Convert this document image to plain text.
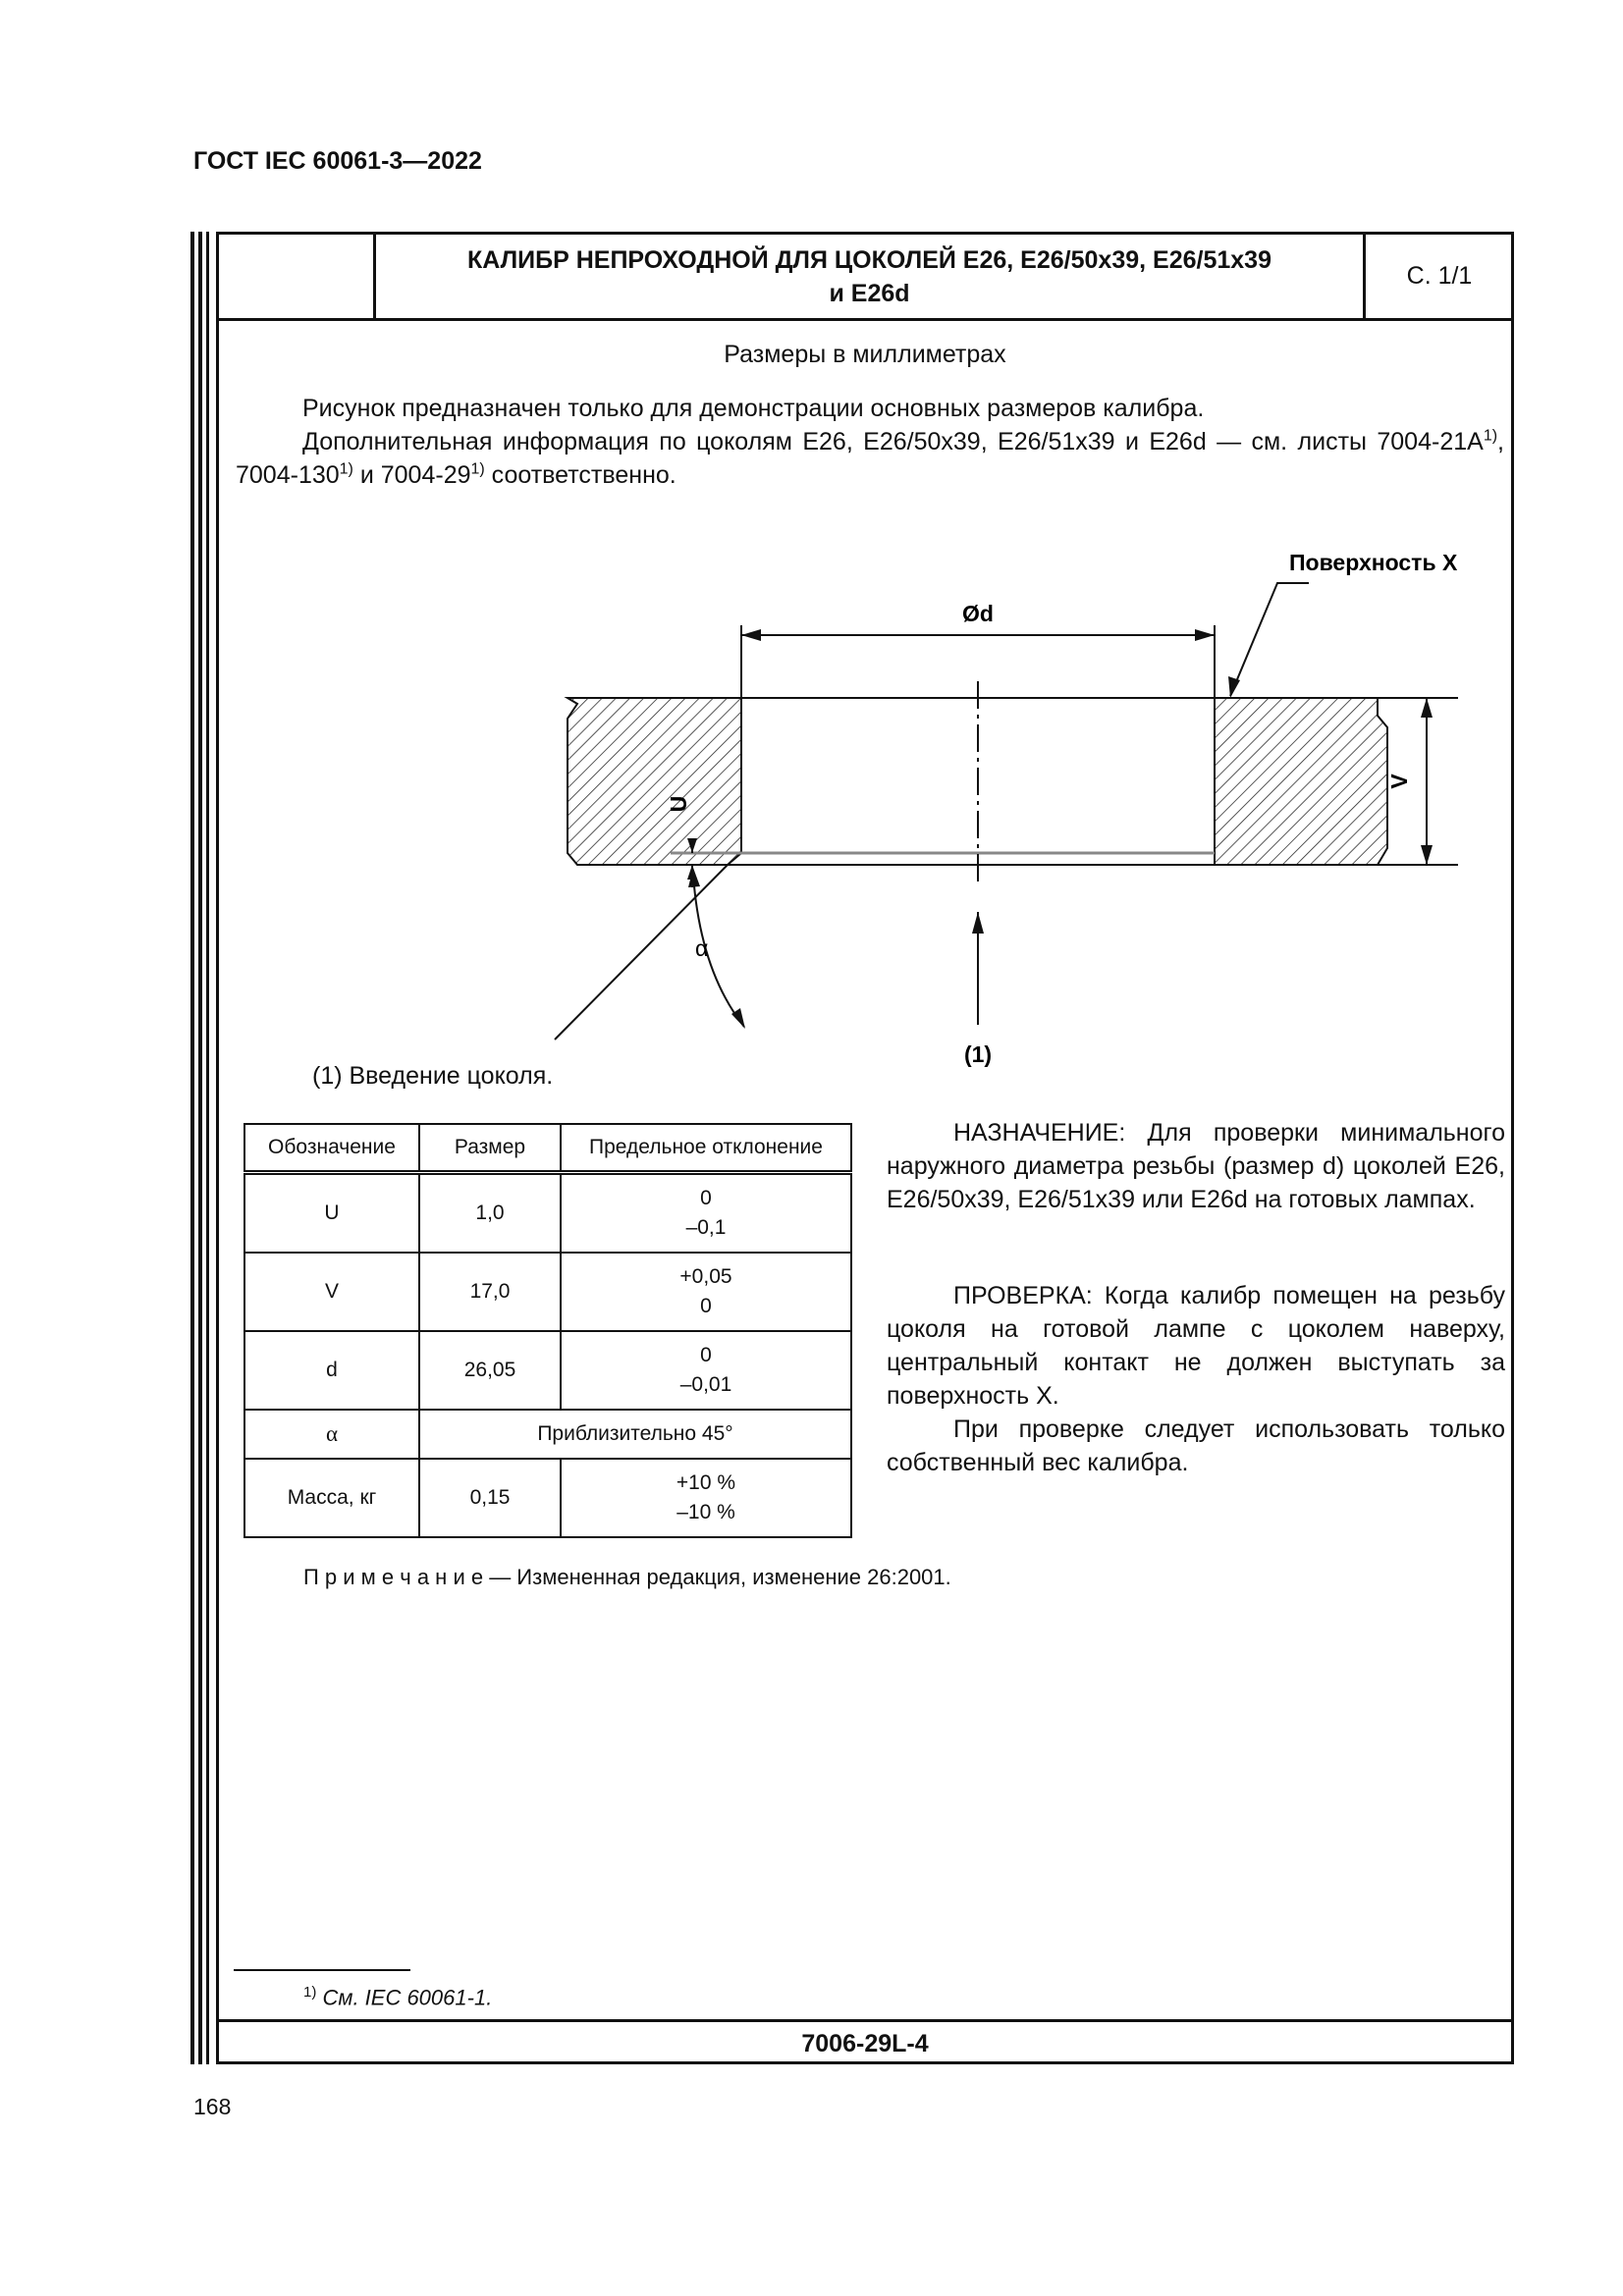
ГОСТ IEC 60061-3—2022
КАЛИБР НЕПРОХОДНОЙ ДЛЯ ЦОКОЛЕЙ Е26, Е26/50х39, Е26/51х39
и Е26d
С. 1/1
Размеры в миллиметрах
Рисунок предназначен только для демонстрации основных размеров калибра.
Дополнительная информация по цоколям Е26, Е26/50х39, Е26/51х39 и Е26d — см. листы $7004-21А^{1)}$, 7004-130$^{1)}$ и 7004-29$^{1)}$ соответственно.
Ød
Поверхность X
V
U
α
(1)
(1) Введение цоколя.
Обозначение	Размер	Предельное отклонение
U	1,0	0
–0,1

V	17,0	+0,05
0

d	26,05	0
–0,01

α	Приблизительно 45°	
Масса, кг	0,15	+10 %
–10 %
НАЗНАЧЕНИЕ: Для проверки минимального наружного диаметра резьбы (размер d) цоколей Е26, Е26/50х39, Е26/51х39 или Е26d на готовых лампах.
ПРОВЕРКА: Когда калибр помещен на резьбу цоколя на готовой лампе с цоколем наверху, центральный контакт не должен выступать за поверхность X.
При проверке следует использовать только собственный вес калибра.
П р и м е ч а н и е — Измененная редакция, изменение 26:2001.
$^{1)}$ См. IEC 60061-1.
7006-29L-4
168
